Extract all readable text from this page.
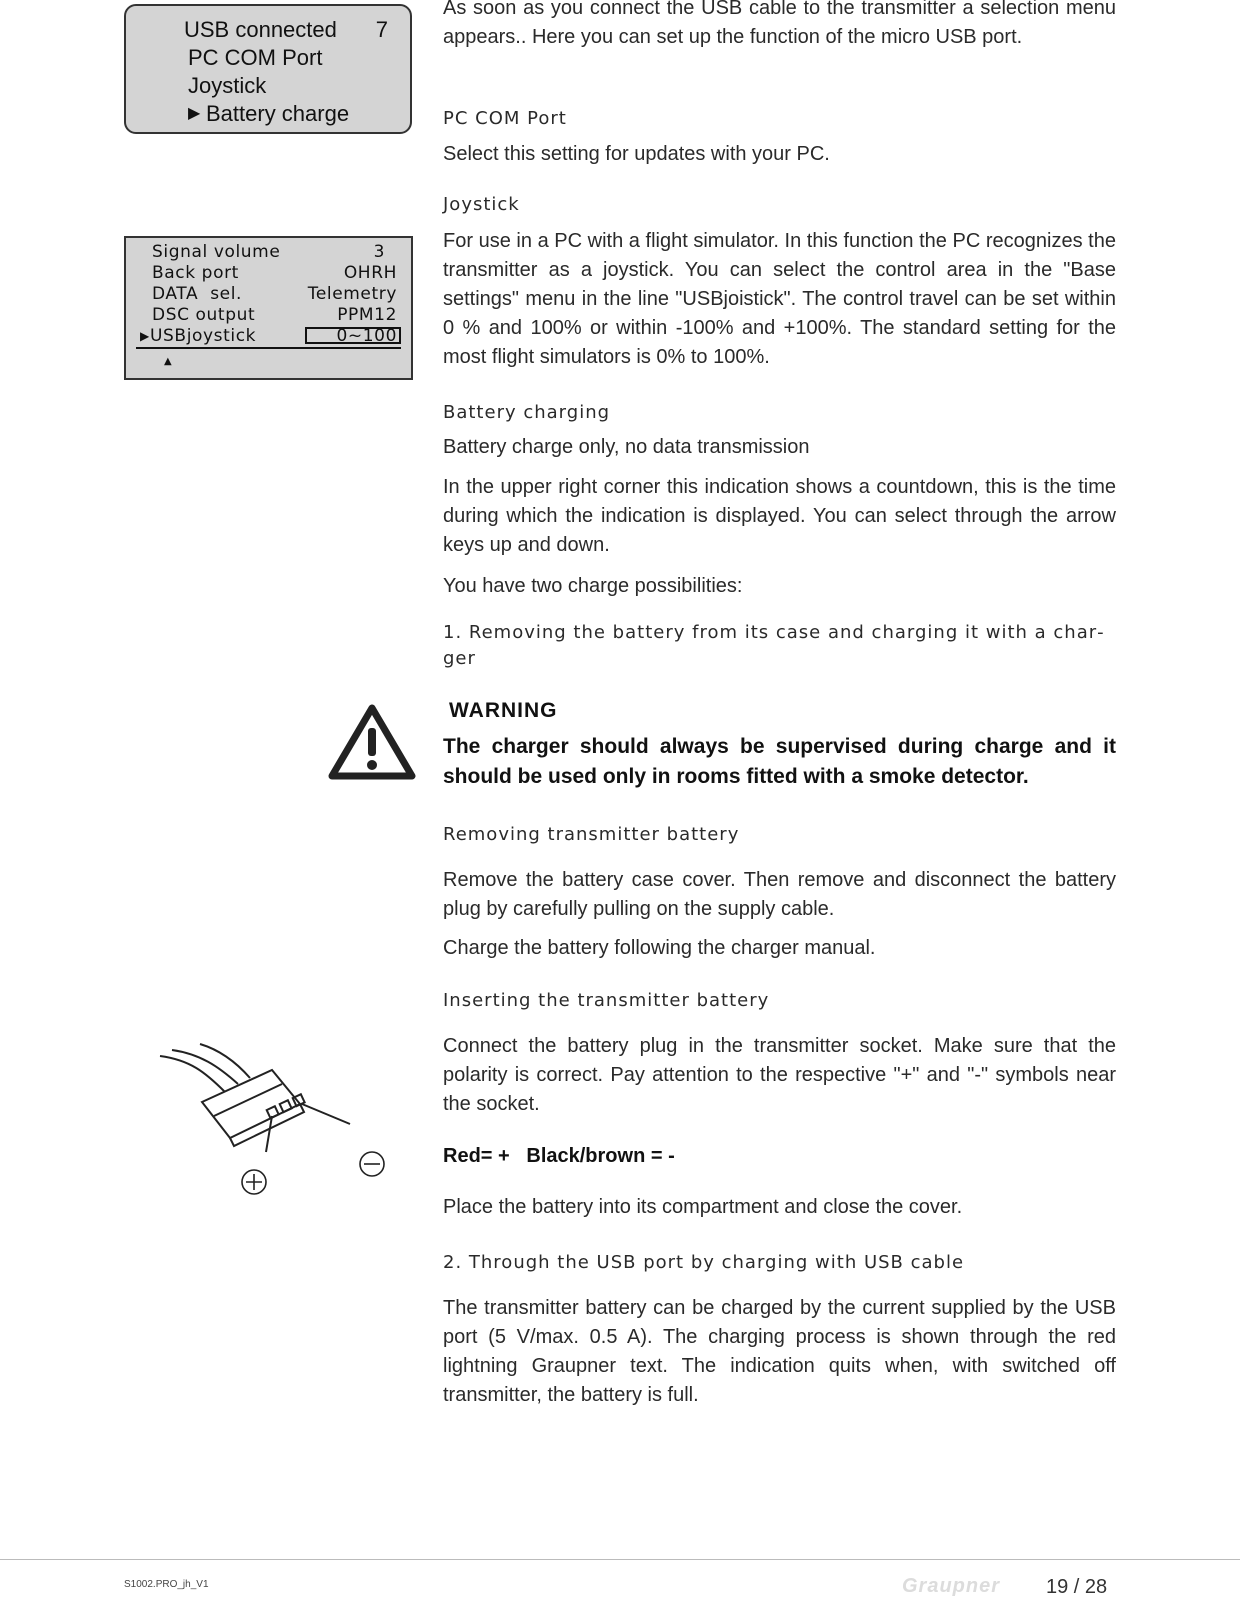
USB connected 7
PC COM Port
Joystick
▶ Battery charge
Signal volume	3
Back port	OHRH
DATA  sel.	Telemetry
DSC output	PPM12
▶ USBjoystick	0~100
▲
As soon as you connect the USB cable to the transmitter a selection menu appears.. Here you can set up the function of the micro USB port.
PC COM Port
Select this setting for updates with your PC.
Joystick
For use in a PC with a flight simulator. In this function the PC recognizes the transmitter as a joystick. You can select the control area in the "Base settings" menu in the line "USBjoistick". The control travel can be set within 0 % and 100% or within -100% and +100%. The standard setting for the most flight simulators is 0% to 100%.
Battery charging
Battery charge only, no data transmission
In the upper right corner this indication shows a countdown, this is the time during which the indication is displayed. You can select through the arrow keys up and down.
You have two charge possibilities:
1. Removing the battery from its case and charging it with a charger
WARNING
The charger should always be supervised during charge and it should be used only in rooms fitted with a smoke detector.
Removing transmitter battery
Remove the battery case cover. Then remove and disconnect the battery plug by carefully pulling on the supply cable.
Charge the battery following the charger manual.
Inserting the transmitter battery
Connect the battery plug in the transmitter socket. Make sure that the polarity is correct. Pay attention to the respective "+" and "-" symbols near the socket.
Red= +   Black/brown = -
Place the battery into its compartment and close the cover.
2. Through the USB port by charging with USB cable
The transmitter battery can be charged by the current supplied by the USB port (5 V/max. 0.5 A). The charging process is shown through the red lightning Graupner text. The indication quits when, with switched off transmitter, the battery is full.
S1002.PRO_jh_V1	Graupner 19 / 28
